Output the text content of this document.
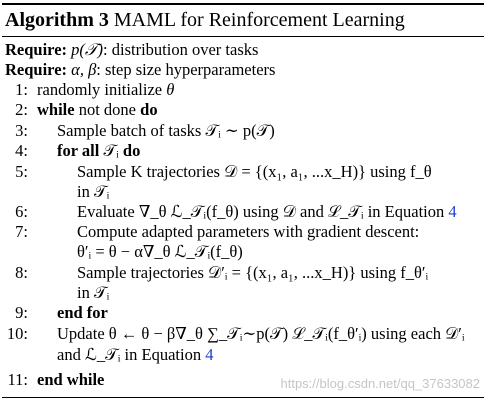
Algorithm 3 MAML for Reinforcement Learning
Require: p(𝒯): distribution over tasks
Require: α, β: step size hyperparameters
1: randomly initialize θ
2: while not done do
3: Sample batch of tasks 𝒯ᵢ ∼ p(𝒯)
4: for all 𝒯ᵢ do
5:	Sample K trajectories 𝒟 = {(x₁, a₁, ...x_H)} using f_θ
in 𝒯ᵢ
6:	Evaluate ∇_θ ℒ_𝒯ᵢ(f_θ) using 𝒟 and ℒ_𝒯ᵢ in Equation 4
7:	Compute adapted parameters with gradient descent:
θ′ᵢ = θ − α∇_θ ℒ_𝒯ᵢ(f_θ)
8:	Sample trajectories 𝒟′ᵢ = {(x₁, a₁, ...x_H)} using f_θ′ᵢ
in 𝒯ᵢ
9: end for
10: Update θ ← θ − β∇_θ ∑_𝒯ᵢ∼p(𝒯) ℒ_𝒯ᵢ(f_θ′ᵢ) using each 𝒟′ᵢ
and ℒ_𝒯ᵢ in Equation 4
11: end while	https://blog.csdn.net/qq_37633082
